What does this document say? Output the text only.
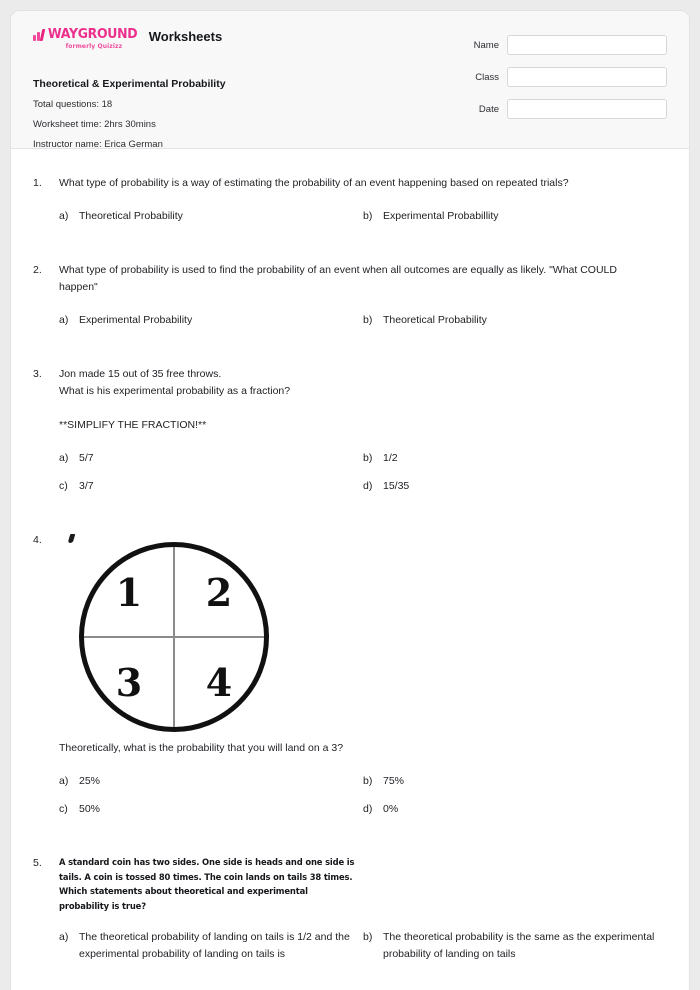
WAYGROUND
formerly Quizizz
Worksheets
Theoretical & Experimental Probability
Total questions: 18
Worksheet time: 2hrs 30mins
Instructor name: Erica German
Name
Class
Date
1.	What type of probability is a way of estimating the probability of an event happening based on repeated trials?
a)	Theoretical Probability	b)	Experimental Probabillity
2.	What type of probability is used to find the probability of an event when all outcomes are equally as likely. "What COULD happen"
a)	Experimental Probability	b)	Theoretical Probability
3.	Jon made 15 out of 35 free throws.
What is his experimental probability as a fraction?
**SIMPLIFY THE FRACTION!**
a)	5/7	b)	1/2
c)	3/7	d)	15/35
4.
1	2
3	4
Theoretically, what is the probability that you will land on a 3?
a)	25%	b)	75%
c)	50%	d)	0%
5.	A standard coin has two sides. One side is heads and one side is tails. A coin is tossed 80 times. The coin lands on tails 38 times. Which statements about theoretical and experimental probability is true?
a)	The theoretical probability of landing on tails is 1/2 and the experimental probability of landing on tails is
b)	The theoretical probability is the same as the experimental probability of landing on tails
